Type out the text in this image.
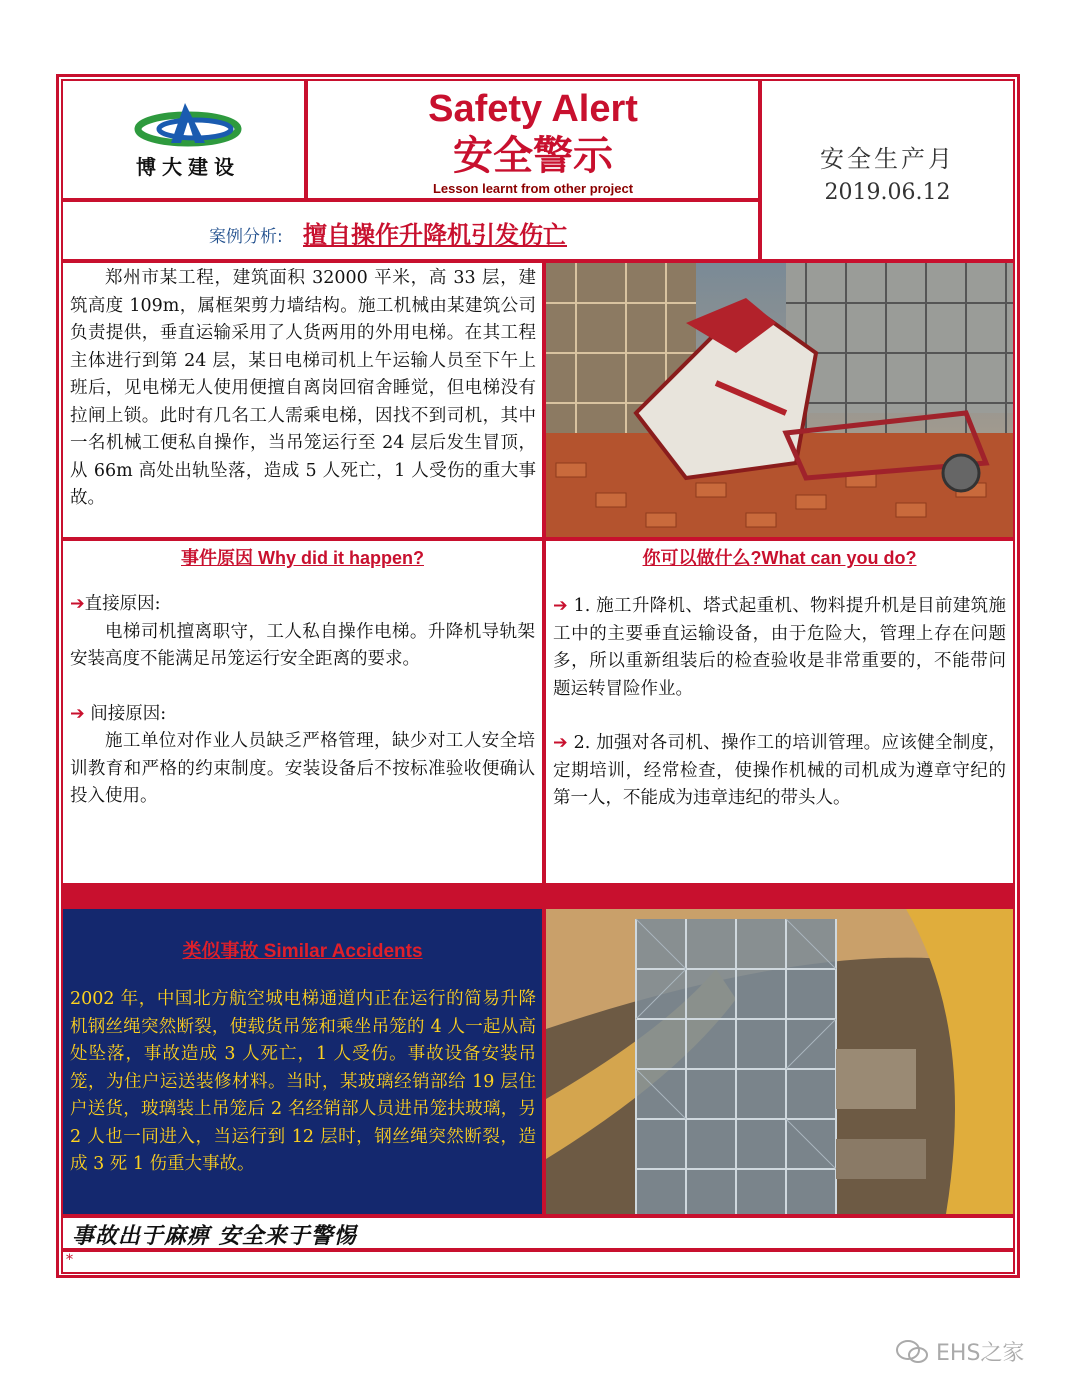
博大建设
Safety Alert
安全警示
Lesson learnt from other project
安全生产月
2019.06.12
案例分析: 擅自操作升降机引发伤亡
郑州市某工程，建筑面积 32000 平米，高 33 层，建筑高度 109m，属框架剪力墙结构。施工机械由某建筑公司负责提供，垂直运输采用了人货两用的外用电梯。在其工程主体进行到第 24 层，某日电梯司机上午运输人员至下午上班后，见电梯无人使用便擅自离岗回宿舍睡觉，但电梯没有拉闸上锁。此时有几名工人需乘电梯，因找不到司机，其中一名机械工便私自操作，当吊笼运行至 24 层后发生冒顶，从 66m 高处出轨坠落，造成 5 人死亡，1 人受伤的重大事故。
事件原因 Why did it happen?
➔直接原因:
电梯司机擅离职守，工人私自操作电梯。升降机导轨架安装高度不能满足吊笼运行安全距离的要求。
➔ 间接原因:
施工单位对作业人员缺乏严格管理，缺少对工人安全培训教育和严格的约束制度。安装设备后不按标准验收便确认投入使用。
你可以做什么?What can you do?
➔ 1. 施工升降机、塔式起重机、物料提升机是目前建筑施工中的主要垂直运输设备，由于危险大，管理上存在问题多，所以重新组装后的检查验收是非常重要的，不能带问题运转冒险作业。
➔ 2. 加强对各司机、操作工的培训管理。应该健全制度，定期培训，经常检查，使操作机械的司机成为遵章守纪的第一人，不能成为违章违纪的带头人。
类似事故 Similar Accidents
2002 年，中国北方航空城电梯通道内正在运行的简易升降机钢丝绳突然断裂，使载货吊笼和乘坐吊笼的 4 人一起从高处坠落，事故造成 3 人死亡，1 人受伤。事故设备安装吊笼，为住户运送装修材料。当时，某玻璃经销部给 19 层住户送货，玻璃装上吊笼后 2 名经销部人员进吊笼扶玻璃，另 2 人也一同进入，当运行到 12 层时，钢丝绳突然断裂，造成 3 死 1 伤重大事故。
事故出于麻痹 安全来于警惕
*
EHS之家
